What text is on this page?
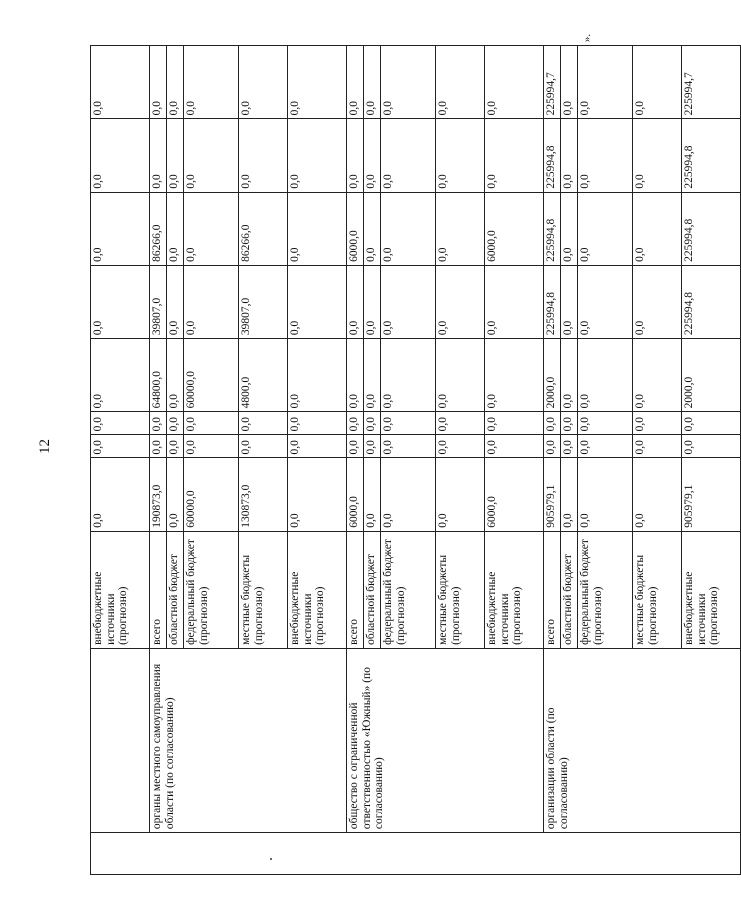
12
		внебюджетные источники (прогнозно)	0,0	0,0	0,0	0,0	0,0	0,0	0,0	0,0
	органы местного самоуправления области (по согласованию)	всего	190873,0	0,0	0,0	64800,0	39807,0	86266,0	0,0	0,0
		областной бюджет	0,0	0,0	0,0	0,0	0,0	0,0	0,0	0,0
		федеральный бюджет (прогнозно)	60000,0	0,0	0,0	60000,0	0,0	0,0	0,0	0,0
		местные бюджеты (прогнозно)	130873,0	0,0	0,0	4800,0	39807,0	86266,0	0,0	0,0
		внебюджетные источники (прогнозно)	0,0	0,0	0,0	0,0	0,0	0,0	0,0	0,0
	общество с ограниченной ответственностью «Южный» (по согласованию)	всего	6000,0	0,0	0,0	0,0	0,0	6000,0	0,0	0,0
		областной бюджет	0,0	0,0	0,0	0,0	0,0	0,0	0,0	0,0
		федеральный бюджет (прогнозно)	0,0	0,0	0,0	0,0	0,0	0,0	0,0	0,0
		местные бюджеты (прогнозно)	0,0	0,0	0,0	0,0	0,0	0,0	0,0	0,0
		внебюджетные источники (прогнозно)	6000,0	0,0	0,0	0,0	0,0	6000,0	0,0	0,0
	организации области (по согласованию)	всего	905979,1	0,0	0,0	2000,0	225994,8	225994,8	225994,8	225994,7
		областной бюджет	0,0	0,0	0,0	0,0	0,0	0,0	0,0	0,0
		федеральный бюджет (прогнозно)	0,0	0,0	0,0	0,0	0,0	0,0	0,0	0,0
		местные бюджеты (прогнозно)	0,0	0,0	0,0	0,0	0,0	0,0	0,0	0,0
		внебюджетные источники (прогнозно)	905979,1	0,0	0,0	2000,0	225994,8	225994,8	225994,8	225994,7
».
